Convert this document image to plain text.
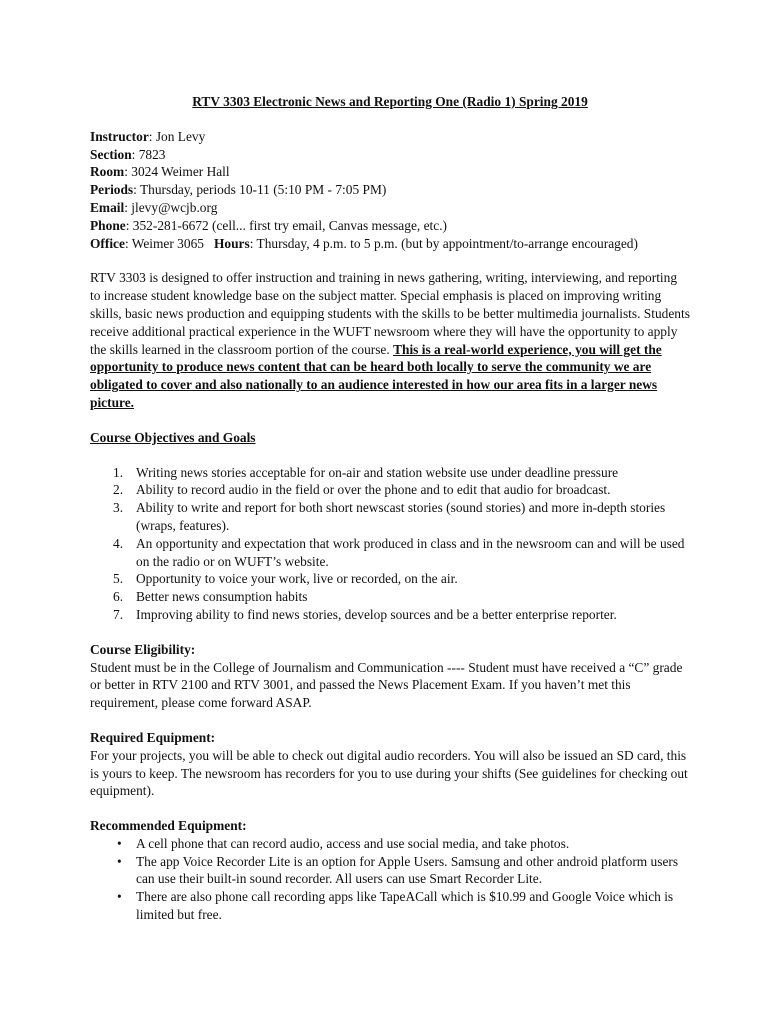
RTV 3303 Electronic News and Reporting One (Radio 1) Spring 2019
Instructor: Jon Levy
Section: 7823
Room: 3024 Weimer Hall
Periods: Thursday, periods 10-11 (5:10 PM - 7:05 PM)
Email: jlevy@wcjb.org
Phone: 352-281-6672 (cell... first try email, Canvas message, etc.)
Office: Weimer 3065   Hours: Thursday, 4 p.m. to 5 p.m. (but by appointment/to-arrange encouraged)

RTV 3303 is designed to offer instruction and training in news gathering, writing, interviewing, and reporting to increase student knowledge base on the subject matter. Special emphasis is placed on improving writing skills, basic news production and equipping students with the skills to be better multimedia journalists. Students receive additional practical experience in the WUFT newsroom where they will have the opportunity to apply the skills learned in the classroom portion of the course. This is a real-world experience, you will get the opportunity to produce news content that can be heard both locally to serve the community we are obligated to cover and also nationally to an audience interested in how our area fits in a larger news picture.

Course Objectives and Goals
1. Writing news stories acceptable for on-air and station website use under deadline pressure
2. Ability to record audio in the field or over the phone and to edit that audio for broadcast.
3. Ability to write and report for both short newscast stories (sound stories) and more in-depth stories (wraps, features).
4. An opportunity and expectation that work produced in class and in the newsroom can and will be used on the radio or on WUFT’s website.
5. Opportunity to voice your work, live or recorded, on the air.
6. Better news consumption habits
7. Improving ability to find news stories, develop sources and be a better enterprise reporter.
Course Eligibility:

Student must be in the College of Journalism and Communication ---- Student must have received a “C” grade or better in RTV 2100 and RTV 3001, and passed the News Placement Exam. If you haven’t met this requirement, please come forward ASAP.

Required Equipment:

For your projects, you will be able to check out digital audio recorders. You will also be issued an SD card, this is yours to keep. The newsroom has recorders for you to use during your shifts (See guidelines for checking out equipment).

Recommended Equipment:
• A cell phone that can record audio, access and use social media, and take photos.
• The app Voice Recorder Lite is an option for Apple Users. Samsung and other android platform users can use their built-in sound recorder. All users can use Smart Recorder Lite.
• There are also phone call recording apps like TapeACall which is $10.99 and Google Voice which is limited but free.
